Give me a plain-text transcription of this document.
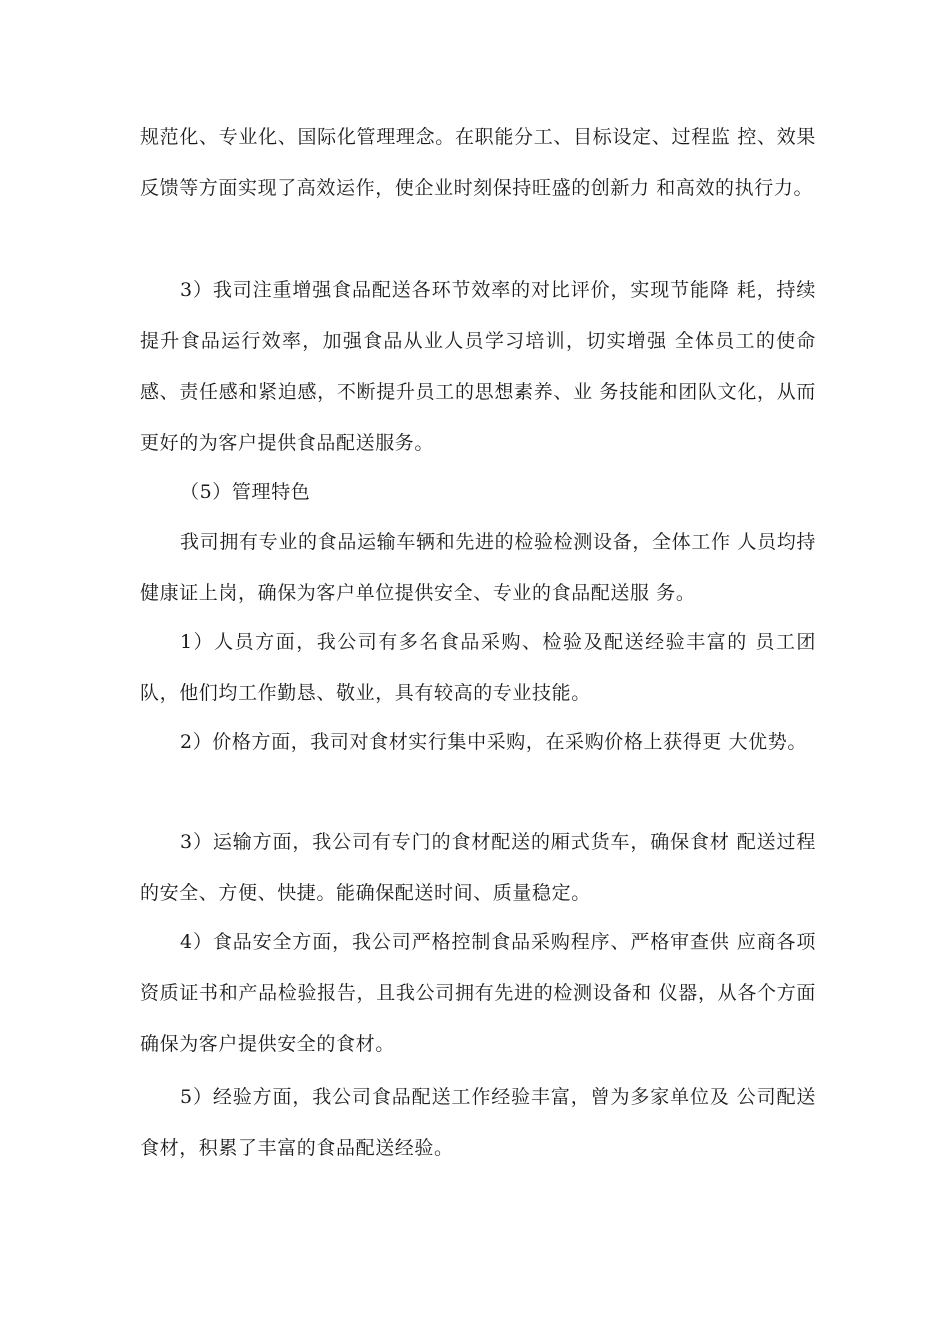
规范化、专业化、国际化管理理念。在职能分工、目标设定、过程监 控、效果反馈等方面实现了高效运作，使企业时刻保持旺盛的创新力 和高效的执行力。

3）我司注重增强食品配送各环节效率的对比评价，实现节能降 耗，持续提升食品运行效率，加强食品从业人员学习培训，切实增强 全体员工的使命感、责任感和紧迫感，不断提升员工的思想素养、业 务技能和团队文化，从而更好的为客户提供食品配送服务。

（5）管理特色

我司拥有专业的食品运输车辆和先进的检验检测设备，全体工作 人员均持健康证上岗，确保为客户单位提供安全、专业的食品配送服 务。

1）人员方面，我公司有多名食品采购、检验及配送经验丰富的 员工团队，他们均工作勤恳、敬业，具有较高的专业技能。

2）价格方面，我司对食材实行集中采购，在采购价格上获得更 大优势。

3）运输方面，我公司有专门的食材配送的厢式货车，确保食材 配送过程的安全、方便、快捷。能确保配送时间、质量稳定。

4）食品安全方面，我公司严格控制食品采购程序、严格审查供 应商各项资质证书和产品检验报告，且我公司拥有先进的检测设备和 仪器，从各个方面确保为客户提供安全的食材。

5）经验方面，我公司食品配送工作经验丰富，曾为多家单位及 公司配送食材，积累了丰富的食品配送经验。
